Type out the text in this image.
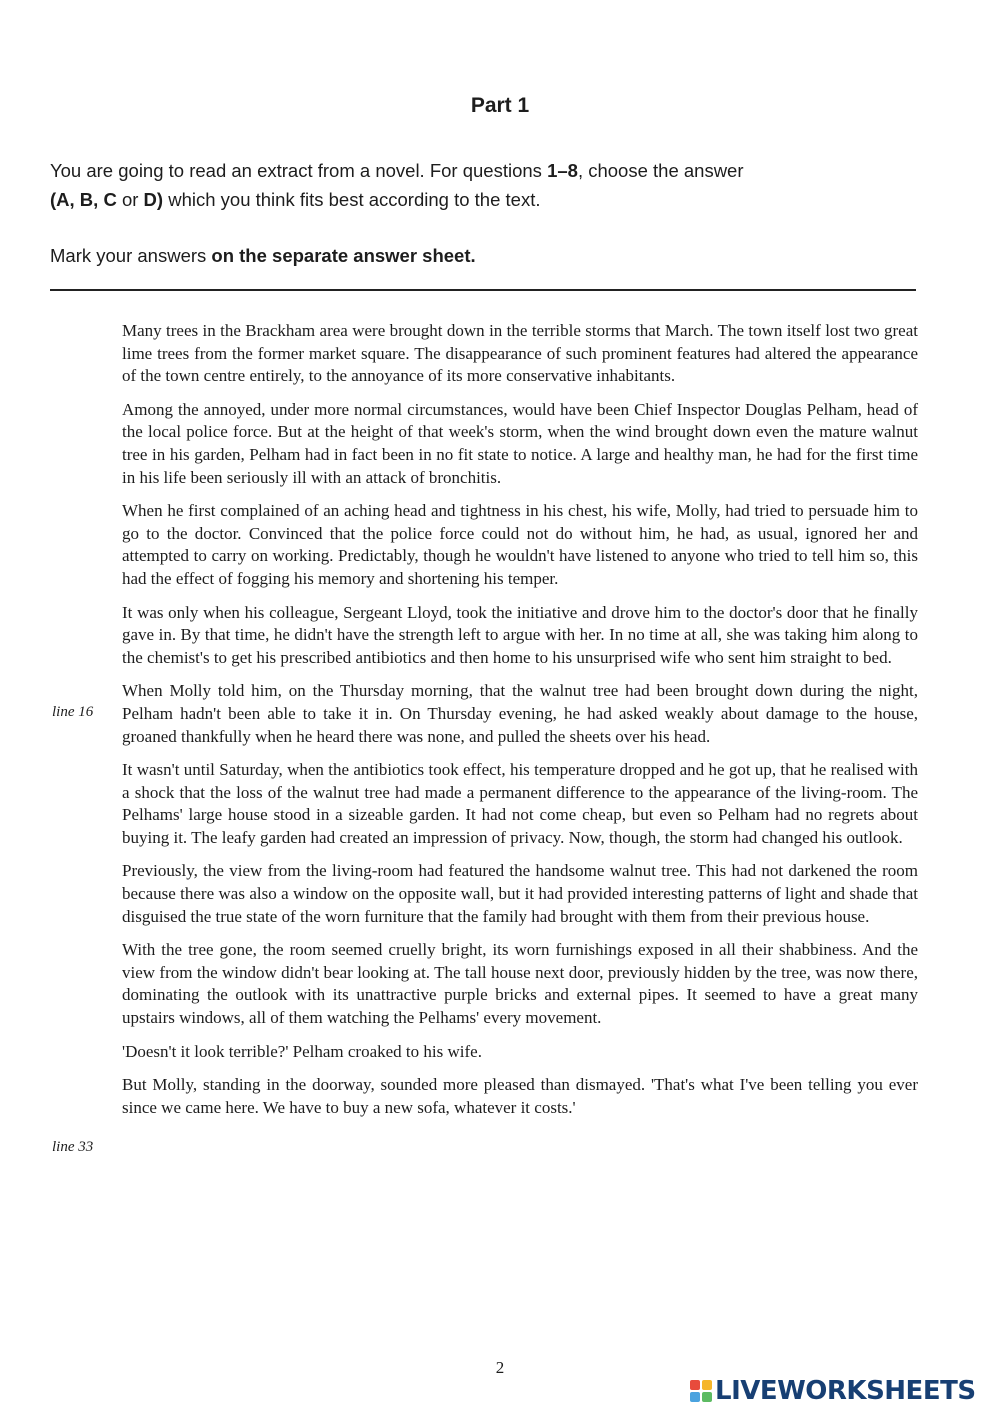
Part 1

You are going to read an extract from a novel. For questions 1–8, choose the answer
(A, B, C or D) which you think fits best according to the text.

Mark your answers on the separate answer sheet.

Many trees in the Brackham area were brought down in the terrible storms that March. The town itself lost two great lime trees from the former market square. The disappearance of such prominent features had altered the appearance of the town centre entirely, to the annoyance of its more conservative inhabitants.

Among the annoyed, under more normal circumstances, would have been Chief Inspector Douglas Pelham, head of the local police force. But at the height of that week's storm, when the wind brought down even the mature walnut tree in his garden, Pelham had in fact been in no fit state to notice. A large and healthy man, he had for the first time in his life been seriously ill with an attack of bronchitis.

When he first complained of an aching head and tightness in his chest, his wife, Molly, had tried to persuade him to go to the doctor. Convinced that the police force could not do without him, he had, as usual, ignored her and attempted to carry on working. Predictably, though he wouldn't have listened to anyone who tried to tell him so, this had the effect of fogging his memory and shortening his temper.

It was only when his colleague, Sergeant Lloyd, took the initiative and drove him to the doctor's door that he finally gave in. By that time, he didn't have the strength left to argue with her. In no time at all, she was taking him along to the chemist's to get his prescribed antibiotics and then home to his unsurprised wife who sent him straight to bed.

When Molly told him, on the Thursday morning, that the walnut tree had been brought down during the night, Pelham hadn't been able to take it in. On Thursday evening, he had asked weakly about damage to the house, groaned thankfully when he heard there was none, and pulled the sheets over his head.

It wasn't until Saturday, when the antibiotics took effect, his temperature dropped and he got up, that he realised with a shock that the loss of the walnut tree had made a permanent difference to the appearance of the living-room. The Pelhams' large house stood in a sizeable garden. It had not come cheap, but even so Pelham had no regrets about buying it. The leafy garden had created an impression of privacy. Now, though, the storm had changed his outlook.

Previously, the view from the living-room had featured the handsome walnut tree. This had not darkened the room because there was also a window on the opposite wall, but it had provided interesting patterns of light and shade that disguised the true state of the worn furniture that the family had brought with them from their previous house.

With the tree gone, the room seemed cruelly bright, its worn furnishings exposed in all their shabbiness. And the view from the window didn't bear looking at. The tall house next door, previously hidden by the tree, was now there, dominating the outlook with its unattractive purple bricks and external pipes. It seemed to have a great many upstairs windows, all of them watching the Pelhams' every movement.

'Doesn't it look terrible?' Pelham croaked to his wife.

But Molly, standing in the doorway, sounded more pleased than dismayed. 'That's what I've been telling you ever since we came here. We have to buy a new sofa, whatever it costs.'

line 16
line 33
2
LIVEWORKSHEETS
